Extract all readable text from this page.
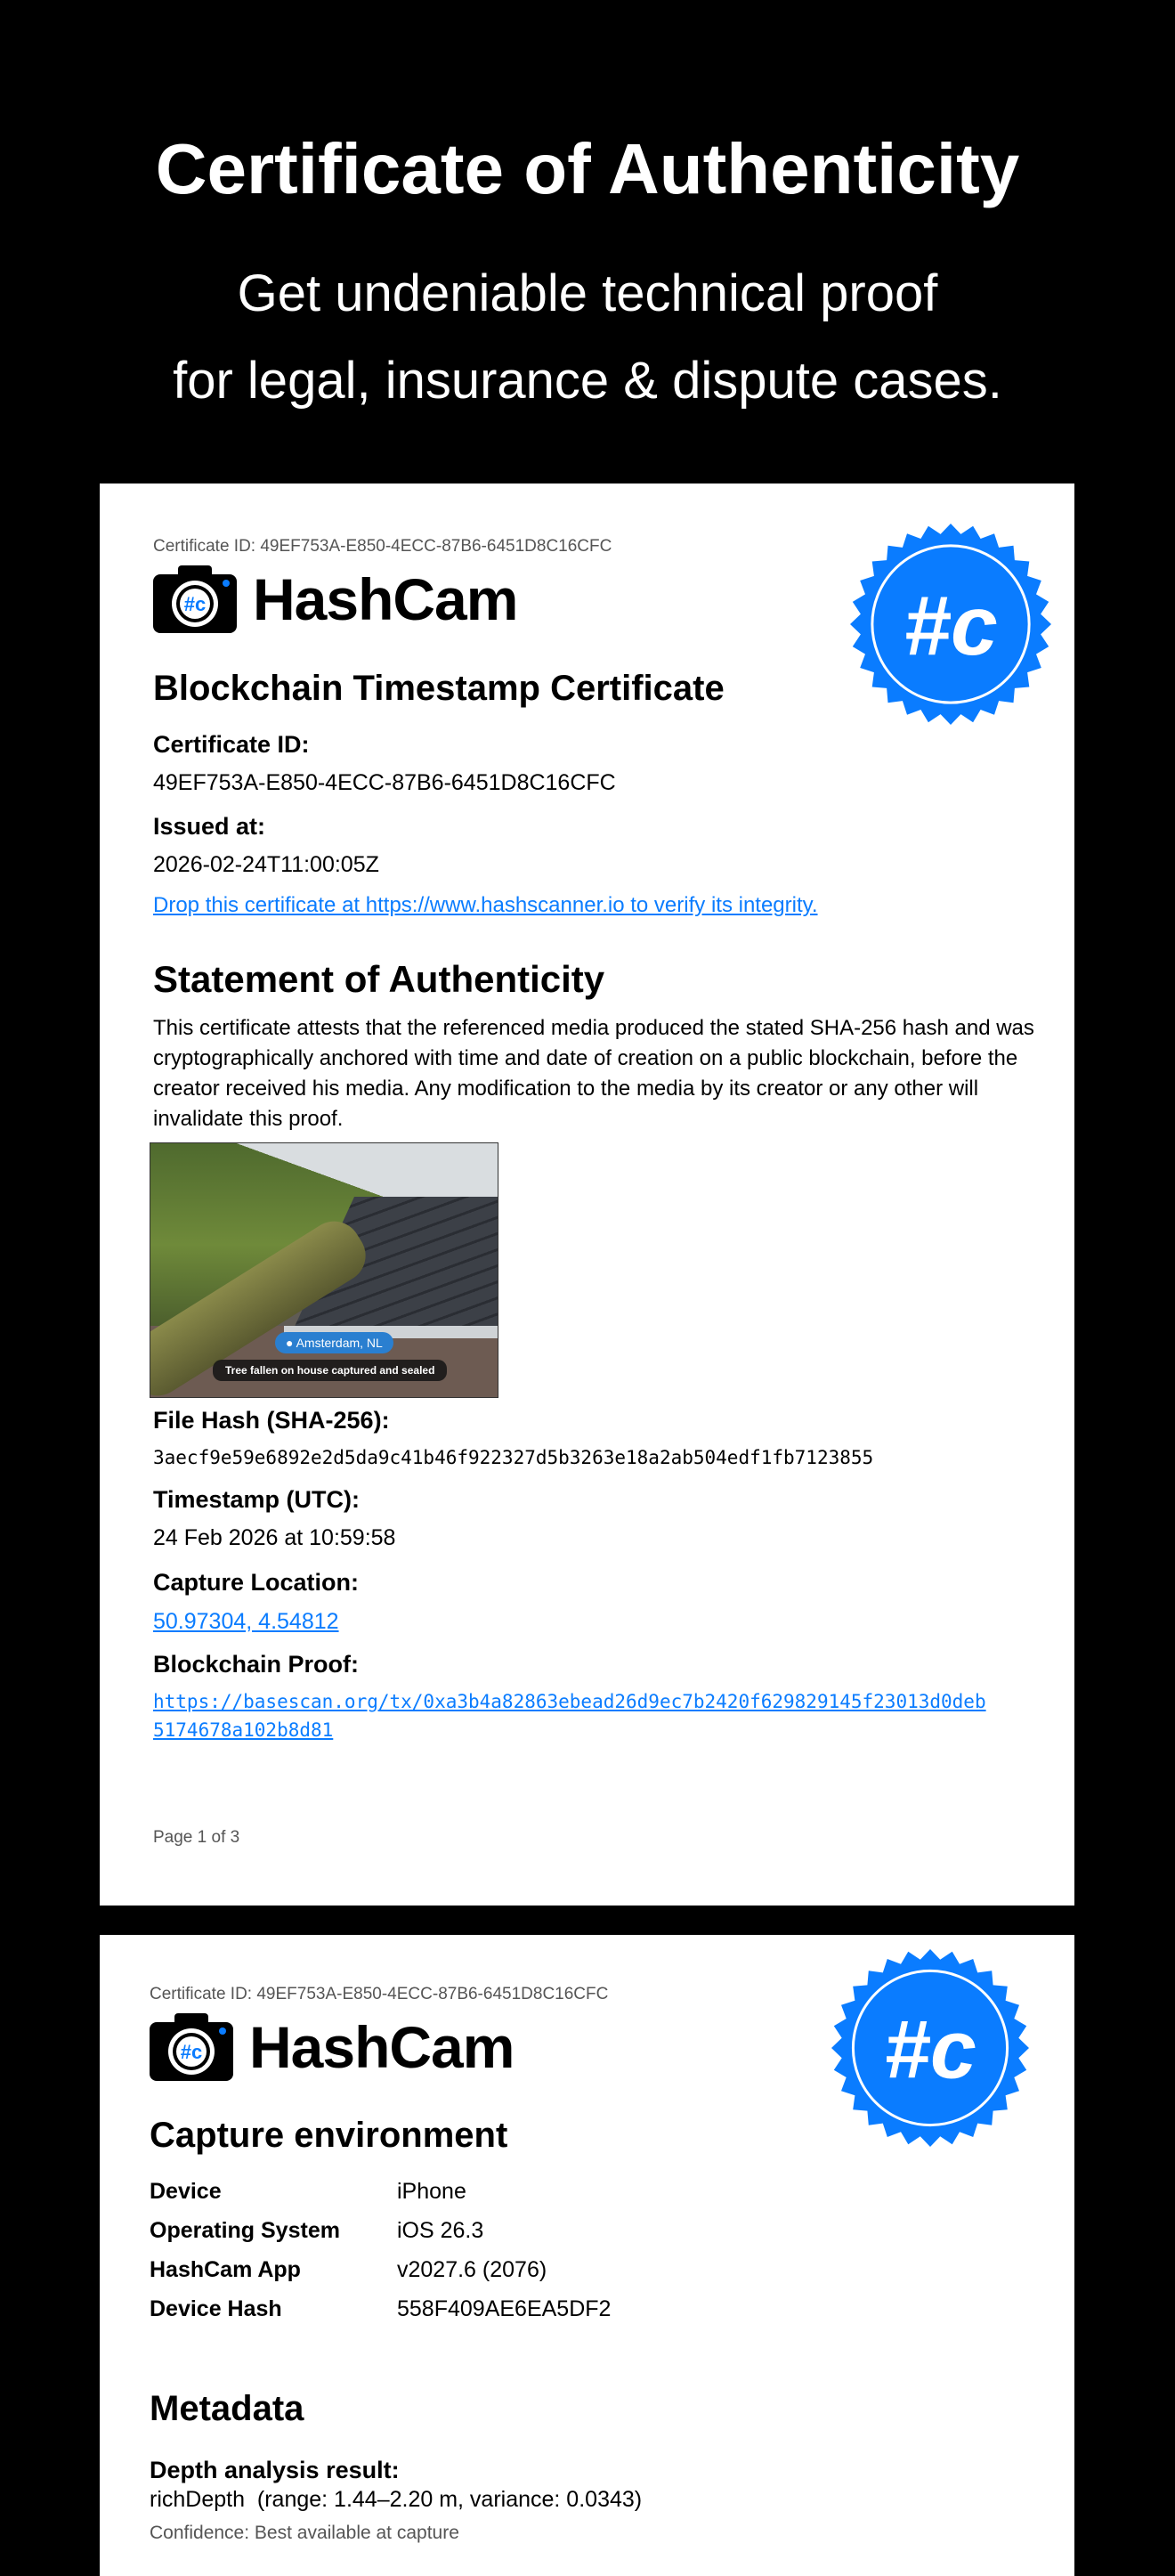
Certificate of Authenticity
Get undeniable technical proof
for legal, insurance & dispute cases.
Certificate ID: 49EF753A-E850-4ECC-87B6-6451D8C16CFC
#c HashCam	#c
Blockchain Timestamp Certificate
Certificate ID:
49EF753A-E850-4ECC-87B6-6451D8C16CFC
Issued at:
2026-02-24T11:00:05Z
Drop this certificate at https://www.hashscanner.io to verify its integrity.
Statement of Authenticity
This certificate attests that the referenced media produced the stated SHA-256 hash and was cryptographically anchored with time and date of creation on a public blockchain, before the creator received his media. Any modification to the media by its creator or any other will invalidate this proof.
● Amsterdam, NL
Tree fallen on house captured and sealed
File Hash (SHA-256):
3aecf9e59e6892e2d5da9c41b46f922327d5b3263e18a2ab504edf1fb7123855
Timestamp (UTC):
24 Feb 2026 at 10:59:58
Capture Location:
50.97304, 4.54812
Blockchain Proof:
https://basescan.org/tx/0xa3b4a82863ebead26d9ec7b2420f629829145f23013d0deb
5174678a102b8d81
Page 1 of 3
Certificate ID: 49EF753A-E850-4ECC-87B6-6451D8C16CFC
#c HashCam	#c
Capture environment
Device	iPhone
Operating System	iOS 26.3
HashCam App	v2027.6 (2076)
Device Hash	558F409AE6EA5DF2
Metadata
Depth analysis result:
richDepth  (range: 1.44–2.20 m, variance: 0.0343)
Confidence: Best available at capture
